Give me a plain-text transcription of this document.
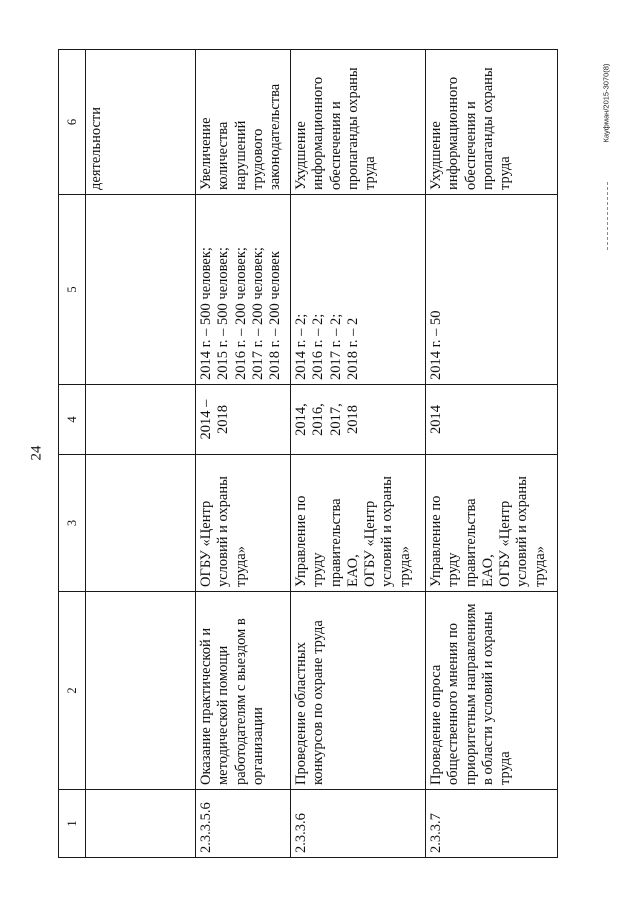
24
Кауфман/2015-3070(8)
1
2
3
4
5
6 деятельности
2.3.3.5.6
Оказание практической и методической помощи работодателям с выездом в организации
ОГБУ «Центр условий и охраны труда»
2014 – 2018
2014 г. – 500 человек; 2015 г. – 500 человек; 2016 г. – 200 человек; 2017 г. – 200 человек; 2018 г. – 200 человек
Увеличение количества нарушений трудового законодательства
2.3.3.6
Проведение областных конкурсов по охране труда
Управление по труду правительства ЕАО, ОГБУ «Центр условий и охраны труда»
2014, 2016, 2017, 2018
2014 г. – 2; 2016 г. – 2; 2017 г. – 2; 2018 г. – 2
Ухудшение информационного обеспечения и пропаганды охраны труда
2.3.3.7
Проведение опроса общественного мнения по приоритетным направлениям в области условий и охраны труда
Управление по труду правительства ЕАО, ОГБУ «Центр условий и охраны труда»
2014
2014 г. – 50
Ухудшение информационного обеспечения и пропаганды охраны труда
